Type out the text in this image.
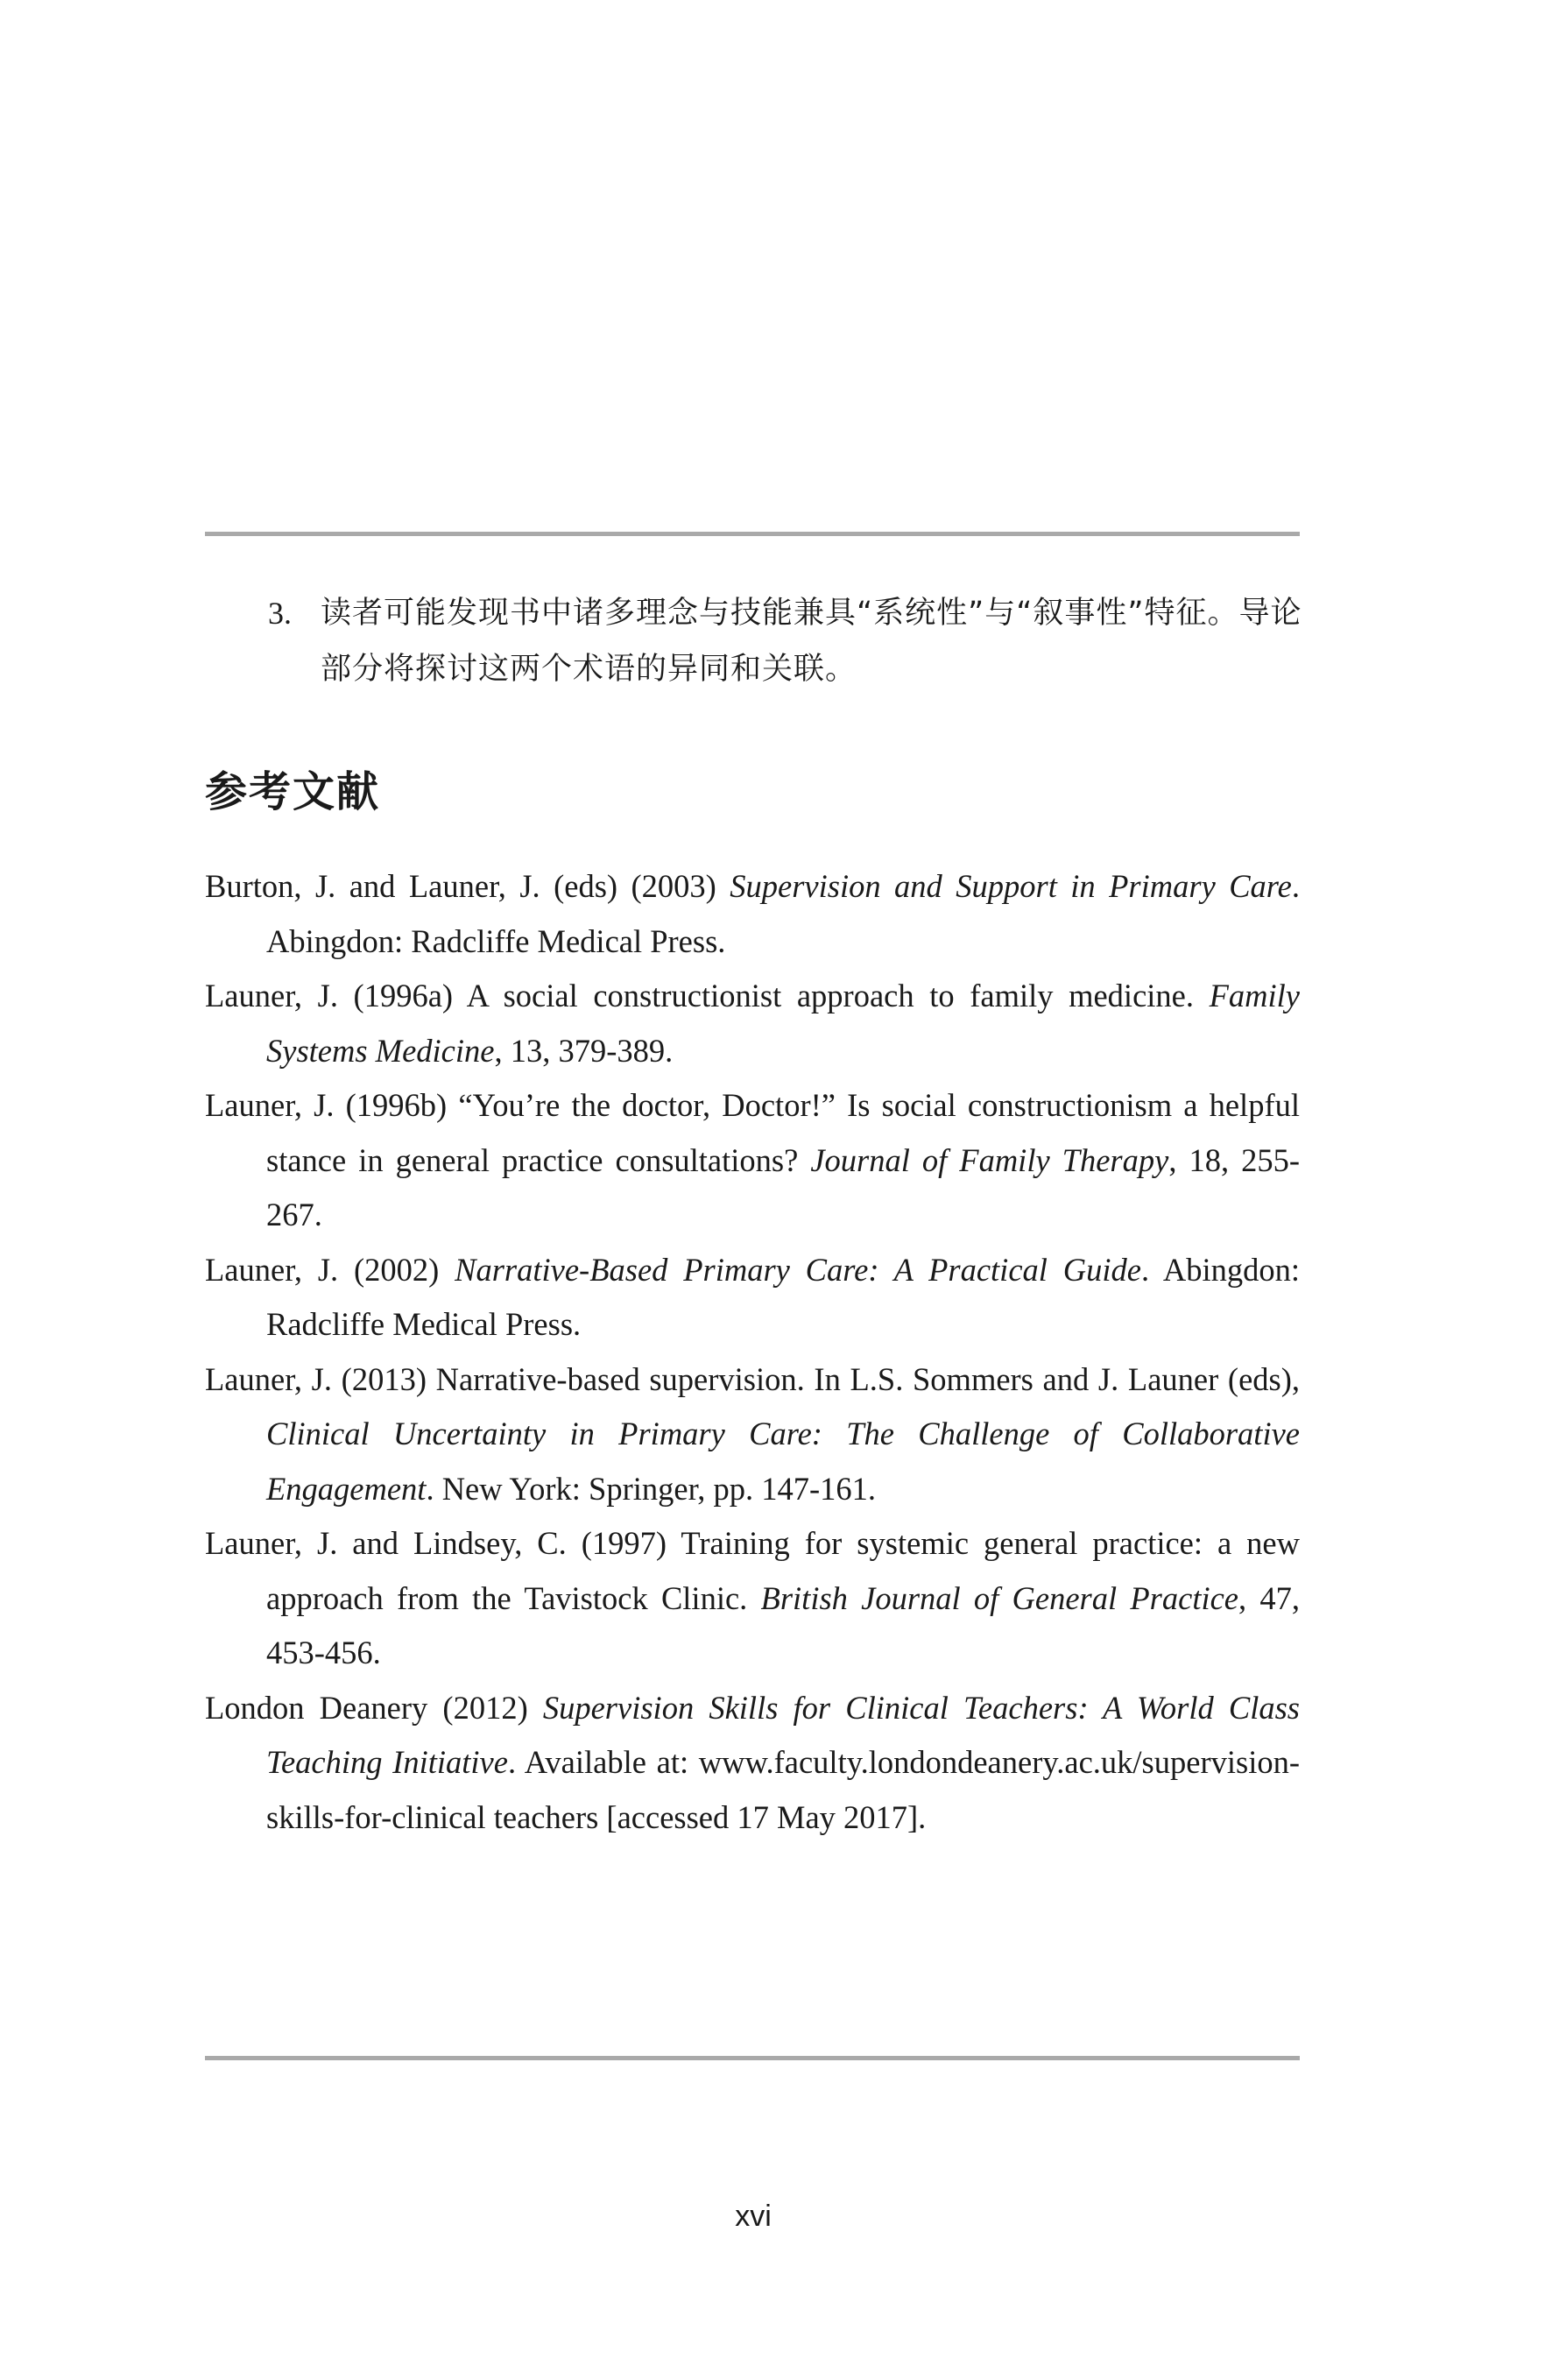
3. 读者可能发现书中诸多理念与技能兼具“系统性”与“叙事性”特征。导论部分将探讨这两个术语的异同和关联。
参考文献
Burton, J. and Launer, J. (eds) (2003) Supervision and Support in Primary Care. Abingdon: Radcliffe Medical Press.
Launer, J. (1996a) A social constructionist approach to family medicine. Family Systems Medicine, 13, 379-389.
Launer, J. (1996b) “You’re the doctor, Doctor!” Is social constructionism a helpful stance in general practice consultations? Journal of Family Therapy, 18, 255-267.
Launer, J. (2002) Narrative-Based Primary Care: A Practical Guide. Abingdon: Radcliffe Medical Press.
Launer, J. (2013) Narrative-based supervision. In L.S. Sommers and J. Launer (eds), Clinical Uncertainty in Primary Care: The Challenge of Collaborative Engagement. New York: Springer, pp. 147-161.
Launer, J. and Lindsey, C. (1997) Training for systemic general practice: a new approach from the Tavistock Clinic. British Journal of General Practice, 47, 453-456.
London Deanery (2012) Supervision Skills for Clinical Teachers: A World Class Teaching Initiative. Available at: www.faculty.londondeanery.ac.uk/supervision-skills-for-clinical teachers [accessed 17 May 2017].
xvi
